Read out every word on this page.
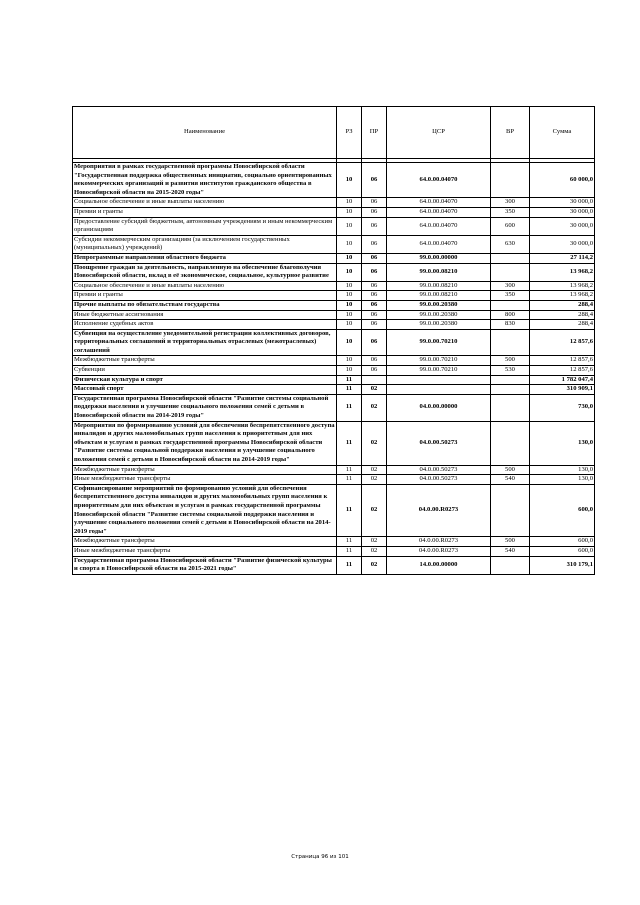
Наименование	РЗ	ПР	ЦСР	ВР	Сумма

Мероприятия в рамках государственной программы Новосибирской области "Государственная поддержка общественных инициатив, социально ориентированных некоммерческих организаций и развития институтов гражданского общества в Новосибирской области на 2015-2020 годы"	10	06	64.0.00.04070		60 000,0
Социальное обеспечение и иные выплаты населению	10	06	64.0.00.04070	300	30 000,0
Премии и гранты	10	06	64.0.00.04070	350	30 000,0
Предоставление субсидий бюджетным, автономным учреждениям и иным некоммерческим организациям	10	06	64.0.00.04070	600	30 000,0
Субсидии некоммерческим организациям (за исключением государственных (муниципальных) учреждений)	10	06	64.0.00.04070	630	30 000,0
Непрограммные направления областного бюджета	10	06	99.0.00.00000		27 114,2
Поощрение граждан за деятельность, направленную на обеспечение благополучия Новосибирской области, вклад в её экономическое, социальное, культурное развитие	10	06	99.0.00.08210		13 968,2
Социальное обеспечение и иные выплаты населению	10	06	99.0.00.08210	300	13 968,2
Премии и гранты	10	06	99.0.00.08210	350	13 968,2
Прочие выплаты по обязательствам государства	10	06	99.0.00.20380		288,4
Иные бюджетные ассигнования	10	06	99.0.00.20380	800	288,4
Исполнение судебных актов	10	06	99.0.00.20380	830	288,4
Субвенция на осуществление уведомительной регистрации коллективных договоров, территориальных соглашений и территориальных отраслевых (межотраслевых) соглашений	10	06	99.0.00.70210		12 857,6
Межбюджетные трансферты	10	06	99.0.00.70210	500	12 857,6
Субвенции	10	06	99.0.00.70210	530	12 857,6
Физическая культура и спорт	11				1 782 047,4
Массовый спорт	11	02			310 909,1
Государственная программа Новосибирской области "Развитие системы социальной поддержки населения и улучшение социального положения семей с детьми в Новосибирской области на 2014-2019 годы"	11	02	04.0.00.00000		730,0
Мероприятия по формированию условий для обеспечения беспрепятственного доступа инвалидов и других маломобильных групп населения к приоритетным для них объектам и услугам в рамках государственной программы Новосибирской области "Развитие системы социальной поддержки населения и улучшение социального положения семей с детьми в Новосибирской области на 2014-2019 годы"	11	02	04.0.00.50273		130,0
Межбюджетные трансферты	11	02	04.0.00.50273	500	130,0
Иные межбюджетные трансферты	11	02	04.0.00.50273	540	130,0
Софинансирование мероприятий по формированию условий для обеспечения беспрепятственного доступа инвалидов и других маломобильных групп населения к приоритетным для них объектам и услугам в рамках государственной программы Новосибирской области "Развитие системы социальной поддержки населения и улучшение социального положения семей с детьми в Новосибирской области на 2014-2019 годы"	11	02	04.0.00.R0273		600,0
Межбюджетные трансферты	11	02	04.0.00.R0273	500	600,0
Иные межбюджетные трансферты	11	02	04.0.00.R0273	540	600,0
Государственная программа Новосибирской области "Развитие физической культуры и спорта в Новосибирской области на 2015-2021 годы"	11	02	14.0.00.00000		310 179,1
Страница 96 из 101
